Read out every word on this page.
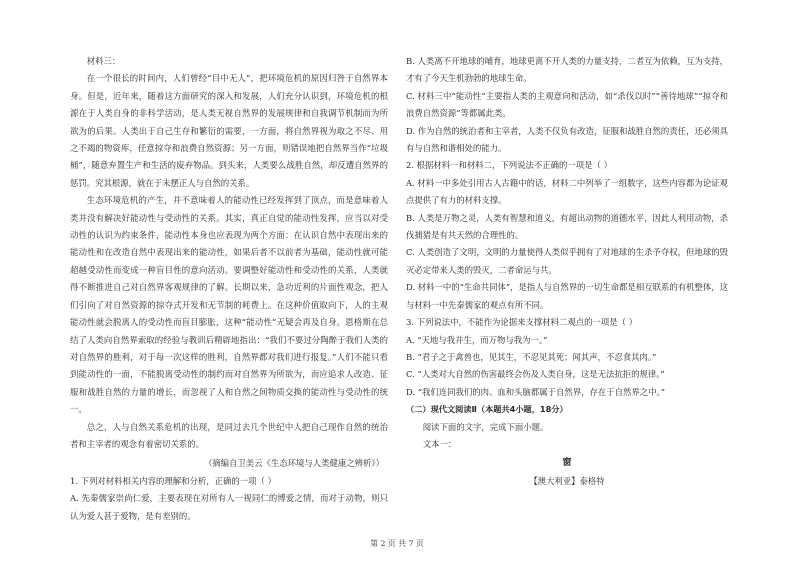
材料三：

在一个很长的时间内，人们曾经“目中无人”，把环境危机的原因归咎于自然界本身。但是，近年来，随着这方面研究的深入和发展，人们充分认识到，环境危机的根源在于人类自身的非科学活动，是人类无视自然界的发展规律和自我调节机制而为所欲为的后果。人类出于自己生存和繁衍的需要，一方面，将自然界视为取之不尽、用之不竭的物资库，任意掠夺和浪费自然资源；另一方面，则错误地把自然界当作“垃圾桶”，随意弃置生产和生活的废弃物品。到头来，人类要么战胜自然，却反遭自然界的惩罚。究其根源，就在于未摆正人与自然的关系。

生态环境危机的产生，并不意味着人的能动性已经发挥到了顶点，而是意味着人类并没有解决好能动性与受动性的关系。其实，真正自觉的能动性发挥，应当以对受动性的认识为约束条件，能动性本身也应表现为两个方面：在认识自然中表现出来的能动性和在改造自然中表现出来的能动性，如果后者不以前者为基础，能动性就可能超越受动性而变成一种盲目性的意向活动。要调整好能动性和受动性的关系，人类就得不断推进自己对自然界客观规律的了解。长期以来，急功近利的片面性观念，把人们引向了对自然资源的掠夺式开发和无节制的耗费上。在这种价值取向下，人的主观能动性就会脱离人的受动性而盲目膨胀，这种“能动性”无疑会再及自身。恩格斯在总结了人类向自然界索取的经验与教训后精辟地指出：“我们不要过分陶醉于我们人类的对自然界的胜利，对于每一次这样的胜利，自然界都对我们进行报复。”人们不能只看到能动性的一面，不能脱离受动性的制约而对自然界为所欲为，而应追求人改造、征服和战胜自然的力量的增长，而忽视了人和自然之间物质交换的能动性与受动性的统一。

总之，人与自然关系危机的出现，是同过去几个世纪中人把自己现作自然的统治者和主宰者的观念有着密切关系的。

（摘编自卫美云《生态环境与人类健康之辨析》）

1. 下列对材料相关内容的理解和分析，正确的一项（ ）

A. 先秦儒家崇尚仁爱，主要表现在对所有人一视同仁的博爱之情，而对于动物，则只认为爱人甚于爱物，是有差别的。

B. 人类离不开地球的哺育，地球更离不开人类的力量支持，二者互为依赖，互为支持，才有了今天生机勃勃的地球生命。

C. 材料三中“能动性”主要指人类的主观意向和活动，如“杀伐以时”“善待地球”“掠夺和浪费自然资源”等都属此类。

D. 作为自然的统治者和主宰者，人类不仅负有改造，征服和战胜自然的责任，还必须具有与自然和谐相处的能力。

2. 根据材料一和材料二，下列说法不正确的一项是（ ）

A. 材料一中多处引用古人古籍中的话，材料二中列举了一组数字，这些内容都为论证观点提供了有力的材料支撑。

B. 人类是万物之灵，人类有智慧和道义，有超出动物的道德水平，因此人利用动物，杀伐捕猎是有共天然的合理性的。

C. 人类创造了文明，文明的力量使得人类似乎拥有了对地球的生杀予夺权，但地球的毁灭必定带来人类的毁灭，二者命运与共。

D. 材料一中的“生命共同体”，是指人与自然界的一切生命都是相互联系的有机整体，这与材料一中先秦儒家的观点有所不同。

3. 下列说法中，不能作为论据来支撑材料二观点的一项是（ ）

A. “天地与我并生，而万物与我为一。”

B. “君子之于禽兽也，见其生，不忍见其死；闻其声，不忍食其肉。”

C. “人类对大自然的伤害最终会伤及人类自身，这是无法抗拒的规律。”

D. “我们连同我们的肉、血和头脑都属于自然界，存在于自然界之中。”

（二）现代文阅读Ⅱ（本题共4小题，18分）

阅读下面的文字，完成下面小题。

文本一：

窗

【澳大利亚】泰格特

第 2 页 共 7 页
